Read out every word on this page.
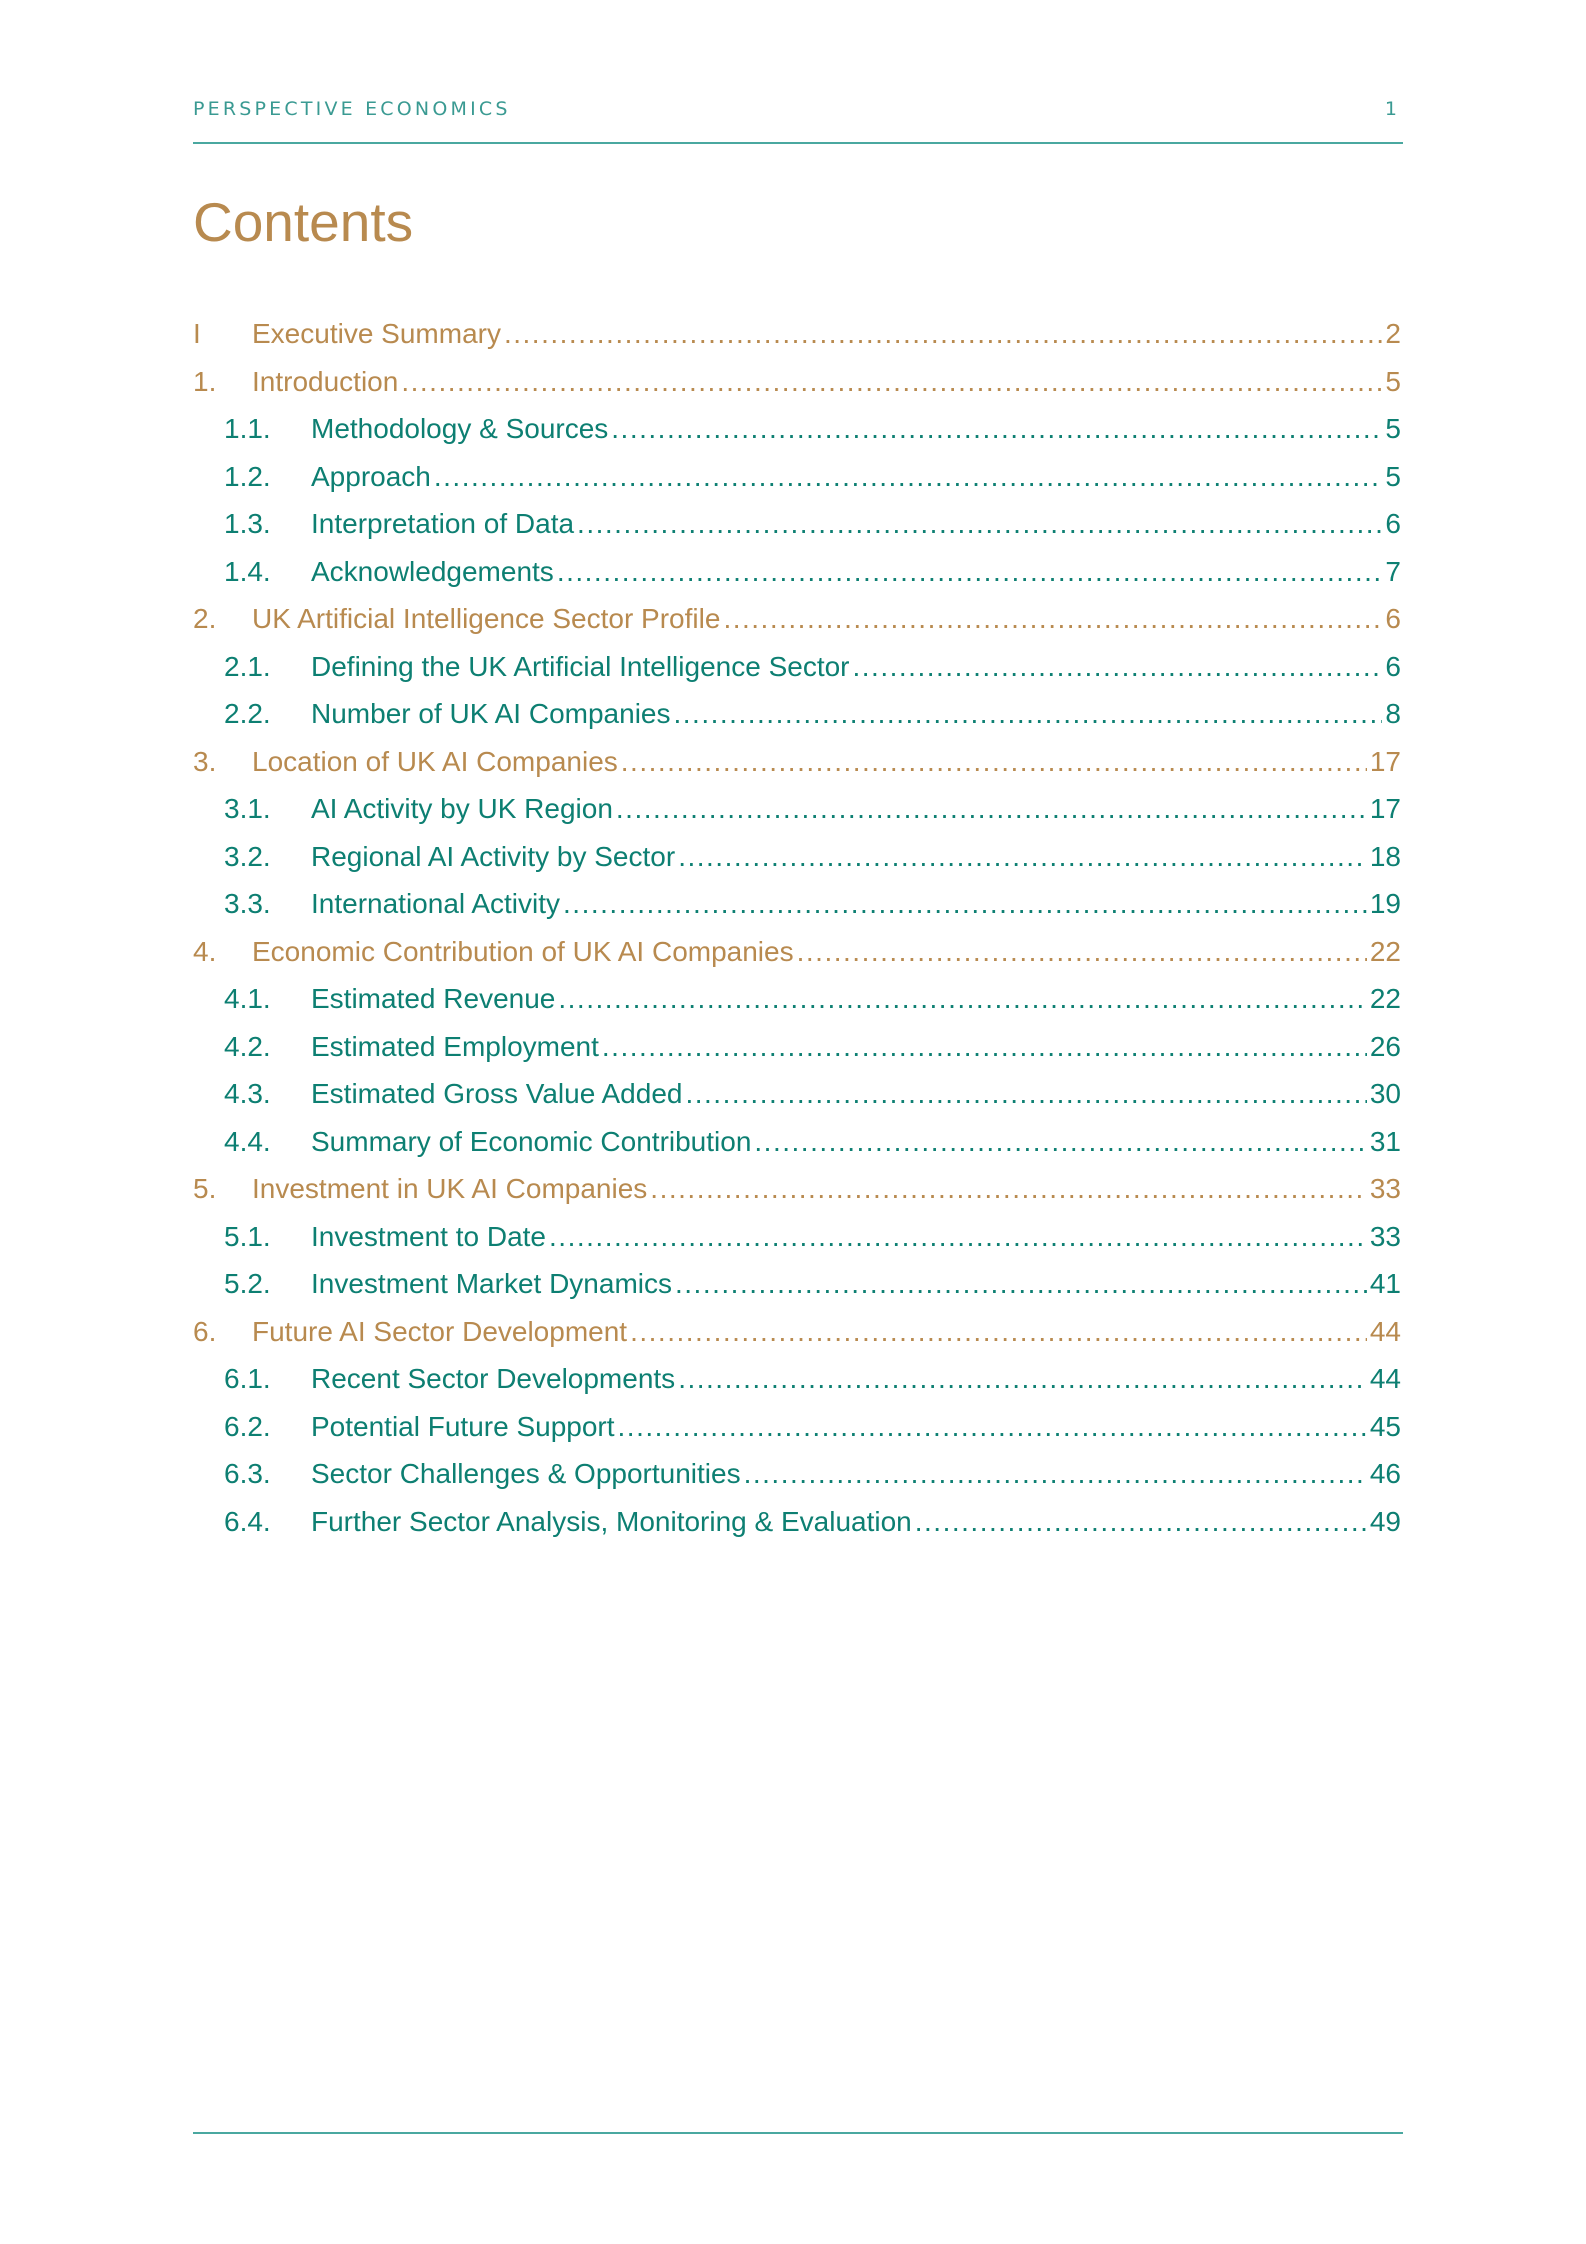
PERSPECTIVE ECONOMICS	1
Contents
I	Executive Summary .....	2
1.	Introduction .....	5
1.1.	Methodology & Sources .....	5
1.2.	Approach .....	5
1.3.	Interpretation of Data .....	6
1.4.	Acknowledgements .....	7
2.	UK Artificial Intelligence Sector Profile .....	6
2.1.	Defining the UK Artificial Intelligence Sector .....	6
2.2.	Number of UK AI Companies .....	8
3.	Location of UK AI Companies .....	17
3.1.	AI Activity by UK Region .....	17
3.2.	Regional AI Activity by Sector .....	18
3.3.	International Activity .....	19
4.	Economic Contribution of UK AI Companies .....	22
4.1.	Estimated Revenue .....	22
4.2.	Estimated Employment .....	26
4.3.	Estimated Gross Value Added .....	30
4.4.	Summary of Economic Contribution .....	31
5.	Investment in UK AI Companies .....	33
5.1.	Investment to Date .....	33
5.2.	Investment Market Dynamics .....	41
6.	Future AI Sector Development .....	44
6.1.	Recent Sector Developments .....	44
6.2.	Potential Future Support .....	45
6.3.	Sector Challenges & Opportunities .....	46
6.4.	Further Sector Analysis, Monitoring & Evaluation .....	49
